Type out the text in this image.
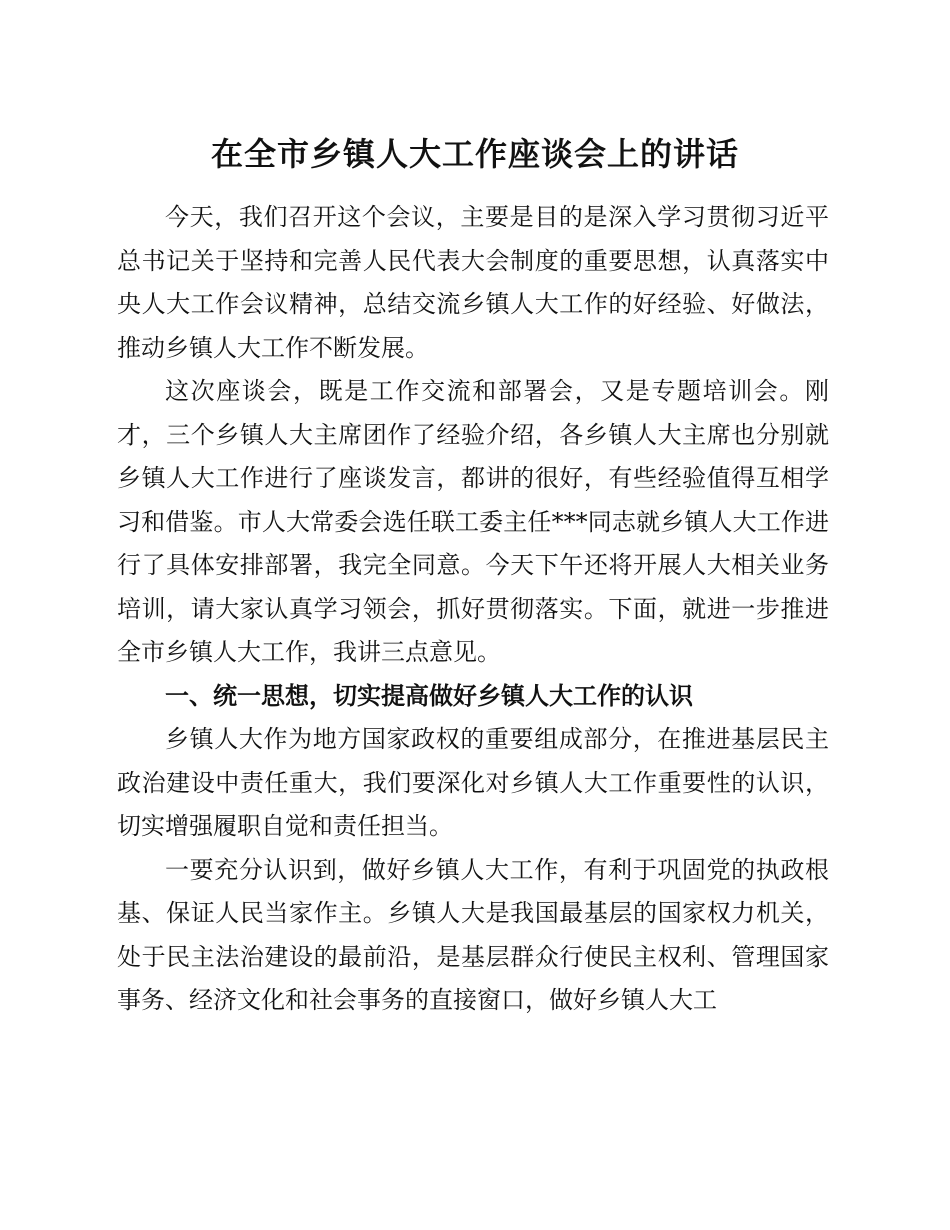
在全市乡镇人大工作座谈会上的讲话

今天，我们召开这个会议，主要是目的是深入学习贯彻习近平总书记关于坚持和完善人民代表大会制度的重要思想，认真落实中央人大工作会议精神，总结交流乡镇人大工作的好经验、好做法，推动乡镇人大工作不断发展。

这次座谈会，既是工作交流和部署会，又是专题培训会。刚才，三个乡镇人大主席团作了经验介绍，各乡镇人大主席也分别就乡镇人大工作进行了座谈发言，都讲的很好，有些经验值得互相学习和借鉴。市人大常委会选任联工委主任***同志就乡镇人大工作进行了具体安排部署，我完全同意。今天下午还将开展人大相关业务培训，请大家认真学习领会，抓好贯彻落实。下面，就进一步推进全市乡镇人大工作，我讲三点意见。

一、统一思想，切实提高做好乡镇人大工作的认识

乡镇人大作为地方国家政权的重要组成部分，在推进基层民主政治建设中责任重大，我们要深化对乡镇人大工作重要性的认识，切实增强履职自觉和责任担当。

一要充分认识到，做好乡镇人大工作，有利于巩固党的执政根基、保证人民当家作主。乡镇人大是我国最基层的国家权力机关，处于民主法治建设的最前沿，是基层群众行使民主权利、管理国家事务、经济文化和社会事务的直接窗口，做好乡镇人大工
